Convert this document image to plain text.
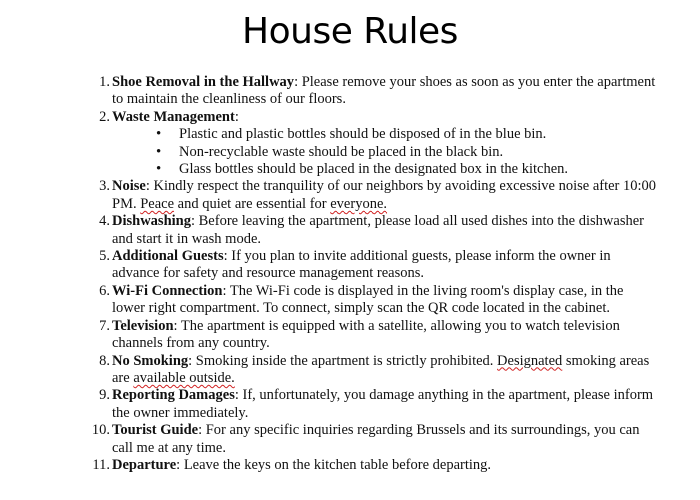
House Rules
1 . Shoe Removal in the Hallway: Please remove your shoes as soon as you enter the apartment to maintain the cleanliness of our floors.
2 . Waste Management:
• Plastic and plastic bottles should be disposed of in the blue bin.
• Non-recyclable waste should be placed in the black bin.
• Glass bottles should be placed in the designated box in the kitchen.
3 . Noise: Kindly respect the tranquility of our neighbors by avoiding excessive noise after 10:00 PM. Peace and quiet are essential for everyone.
4 . Dishwashing: Before leaving the apartment, please load all used dishes into the dishwasher and start it in wash mode.
5 . Additional Guests: If you plan to invite additional guests, please inform the owner in advance for safety and resource management reasons.
6 . Wi-Fi Connection: The Wi-Fi code is displayed in the living room's display case, in the lower right compartment. To connect, simply scan the QR code located in the cabinet.
7 . Television: The apartment is equipped with a satellite, allowing you to watch television channels from any country.
8 . No Smoking: Smoking inside the apartment is strictly prohibited. Designated smoking areas are available outside.
9 . Reporting Damages: If, unfortunately, you damage anything in the apartment, please inform the owner immediately.
10 . Tourist Guide: For any specific inquiries regarding Brussels and its surroundings, you can call me at any time.
11 . Departure: Leave the keys on the kitchen table before departing.
